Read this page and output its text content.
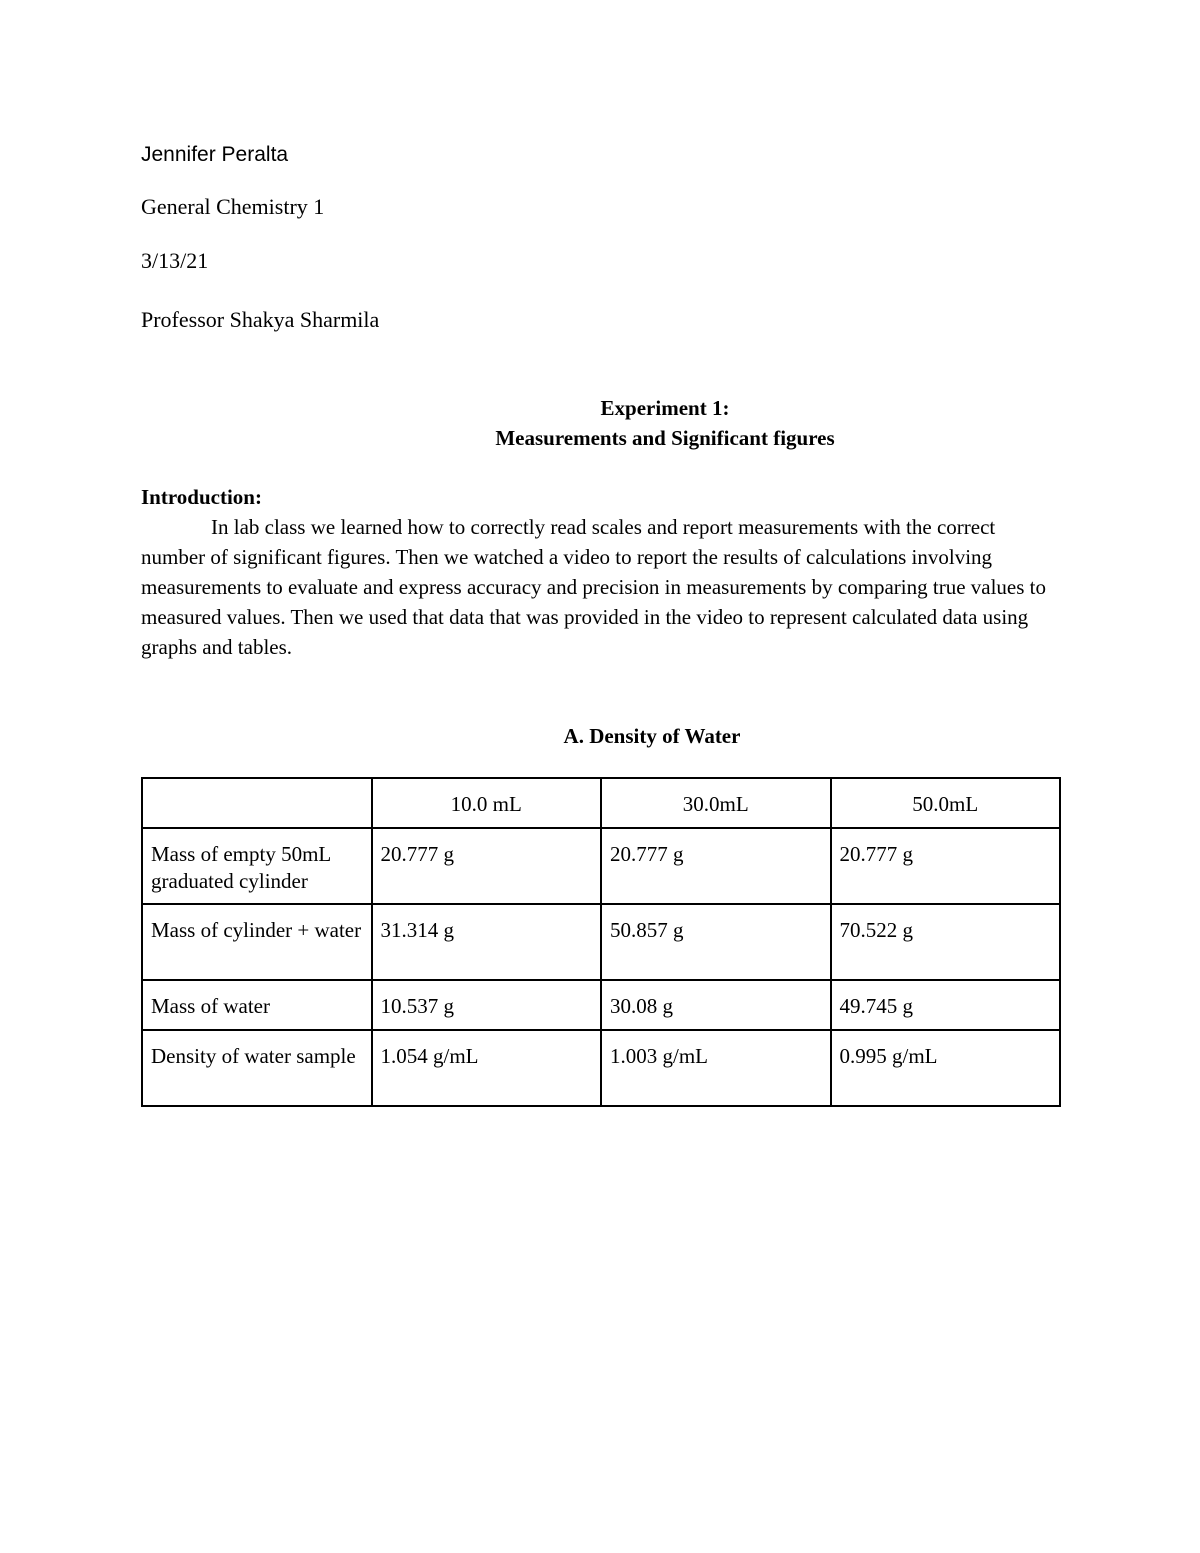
Jennifer Peralta
General Chemistry 1
3/13/21
Professor Shakya Sharmila
Experiment 1:
Measurements and Significant figures
Introduction:
In lab class we learned how to correctly read scales and report measurements with the correct number of significant figures. Then we watched a video to report the results of calculations involving measurements to evaluate and express accuracy and precision in measurements by comparing true values to measured values. Then we used that data that was provided in the video to represent calculated data using graphs and tables.
A. Density of Water
	10.0 mL	30.0mL	50.0mL
Mass of empty 50mL graduated cylinder	20.777 g	20.777 g	20.777 g
Mass of cylinder + water	31.314 g	50.857 g	70.522 g
Mass of water	10.537 g	30.08 g	49.745 g
Density of water sample	1.054 g/mL	1.003 g/mL	0.995 g/mL
